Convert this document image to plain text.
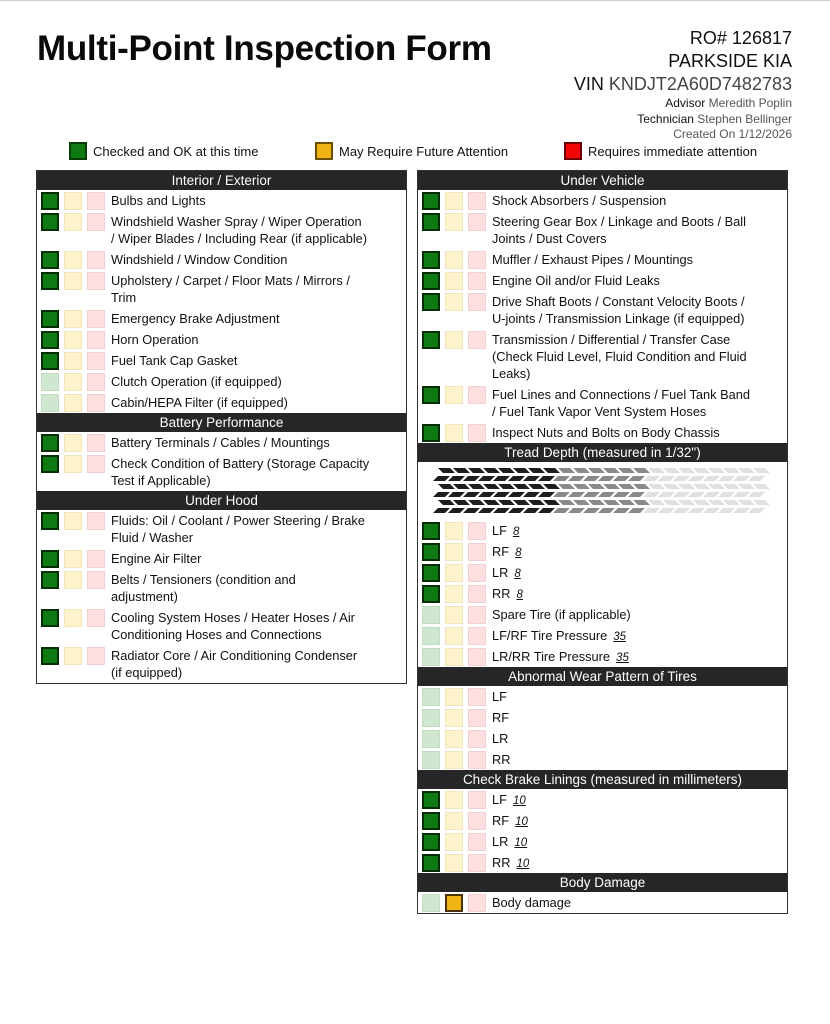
Multi-Point Inspection Form	RO# 126817
PARKSIDE KIA
VIN KNDJT2A60D7482783
Advisor Meredith Poplin
Technician Stephen Bellinger
Created On 1/12/2026
Checked and OK at this time	May Require Future Attention	Requires immediate attention
Interior / Exterior
Bulbs and Lights
Windshield Washer Spray / Wiper Operation
/ Wiper Blades / Including Rear (if applicable)
Windshield / Window Condition
Upholstery / Carpet / Floor Mats / Mirrors /
Trim
Emergency Brake Adjustment
Horn Operation
Fuel Tank Cap Gasket
Clutch Operation (if equipped)
Cabin/HEPA Filter (if equipped)
Battery Performance
Battery Terminals / Cables / Mountings
Check Condition of Battery (Storage Capacity
Test if Applicable)
Under Hood
Fluids: Oil / Coolant / Power Steering / Brake
Fluid / Washer
Engine Air Filter
Belts / Tensioners (condition and
adjustment)
Cooling System Hoses / Heater Hoses / Air
Conditioning Hoses and Connections
Radiator Core / Air Conditioning Condenser
(if equipped)
Under Vehicle
Shock Absorbers / Suspension
Steering Gear Box / Linkage and Boots / Ball
Joints / Dust Covers
Muffler / Exhaust Pipes / Mountings
Engine Oil and/or Fluid Leaks
Drive Shaft Boots / Constant Velocity Boots /
U-joints / Transmission Linkage (if equipped)
Transmission / Differential / Transfer Case
(Check Fluid Level, Fluid Condition and Fluid
Leaks)
Fuel Lines and Connections / Fuel Tank Band
/ Fuel Tank Vapor Vent System Hoses
Inspect Nuts and Bolts on Body Chassis
Tread Depth (measured in 1/32")
LF 8
RF 8
LR 8
RR 8
Spare Tire (if applicable)
LF/RF Tire Pressure 35
LR/RR Tire Pressure 35
Abnormal Wear Pattern of Tires
LF
RF
LR
RR
Check Brake Linings (measured in millimeters)
LF 10
RF 10
LR 10
RR 10
Body Damage
Body damage
